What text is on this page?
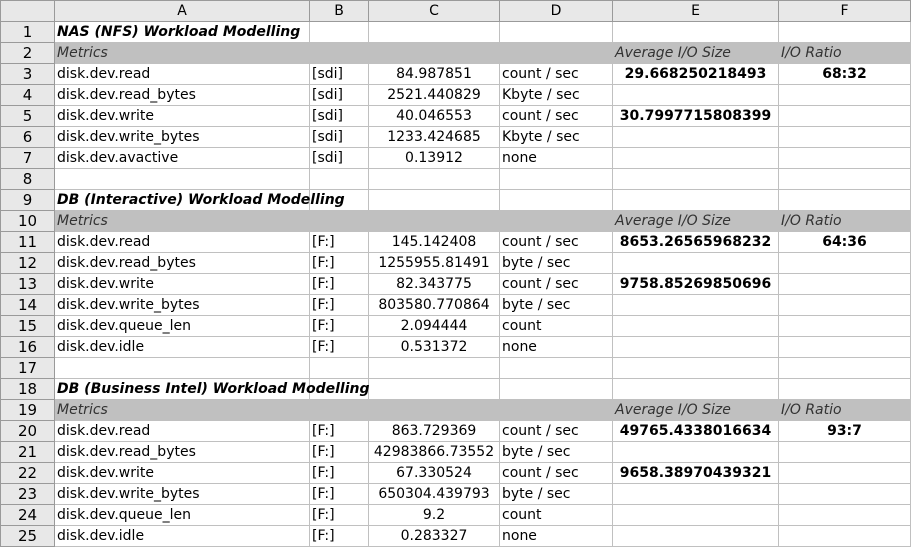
	A	B	C	D	E	F
1	NAS (NFS) Workload Modelling					
2	Metrics				Average I/O Size	I/O Ratio
3	disk.dev.read	[sdi]	84.987851	count / sec	29.668250218493	68:32
4	disk.dev.read_bytes	[sdi]	2521.440829	Kbyte / sec		
5	disk.dev.write	[sdi]	40.046553	count / sec	30.7997715808399	
6	disk.dev.write_bytes	[sdi]	1233.424685	Kbyte / sec		
7	disk.dev.avactive	[sdi]	0.13912	none		
8						
9	DB (Interactive) Workload Modelling					
10	Metrics				Average I/O Size	I/O Ratio
11	disk.dev.read	[F:]	145.142408	count / sec	8653.26565968232	64:36
12	disk.dev.read_bytes	[F:]	1255955.81491	byte / sec		
13	disk.dev.write	[F:]	82.343775	count / sec	9758.85269850696	
14	disk.dev.write_bytes	[F:]	803580.770864	byte / sec		
15	disk.dev.queue_len	[F:]	2.094444	count		
16	disk.dev.idle	[F:]	0.531372	none		
17						
18	DB (Business Intel) Workload Modelling					
19	Metrics				Average I/O Size	I/O Ratio
20	disk.dev.read	[F:]	863.729369	count / sec	49765.4338016634	93:7
21	disk.dev.read_bytes	[F:]	42983866.73552	byte / sec		
22	disk.dev.write	[F:]	67.330524	count / sec	9658.38970439321	
23	disk.dev.write_bytes	[F:]	650304.439793	byte / sec		
24	disk.dev.queue_len	[F:]	9.2	count		
25	disk.dev.idle	[F:]	0.283327	none		
